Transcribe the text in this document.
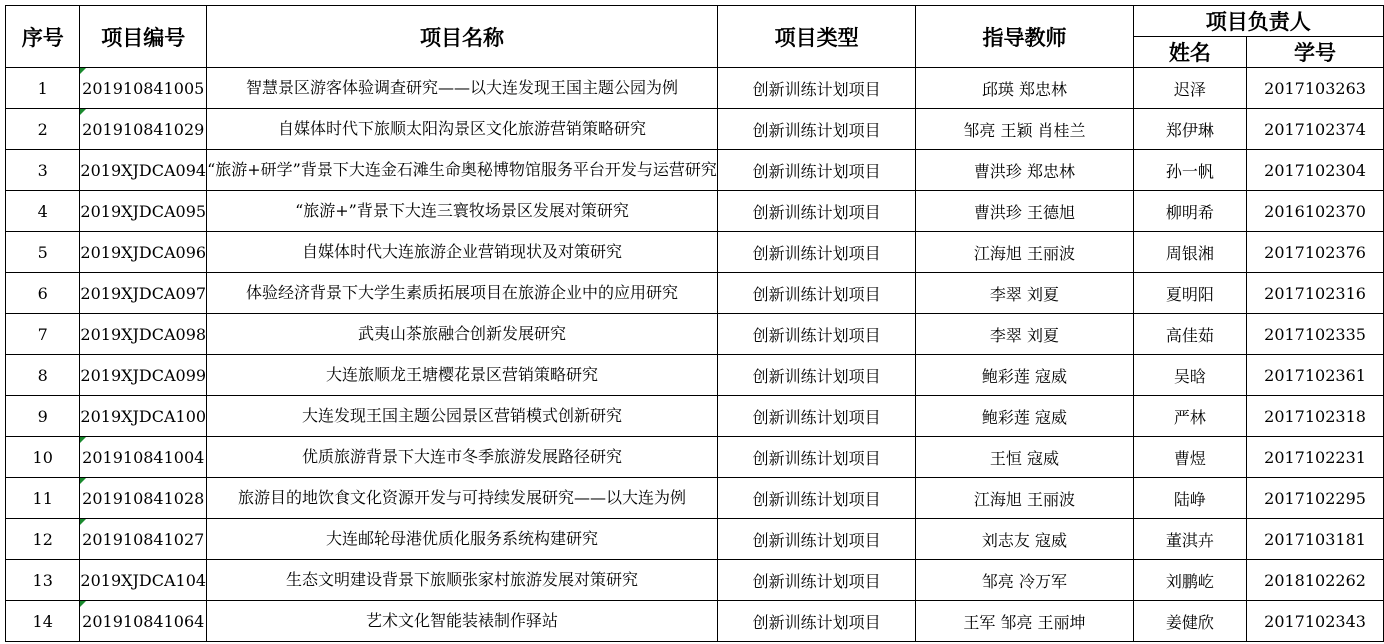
序号	项目编号	项目名称	项目类型	指导教师	项目负责人	
					姓名	学号
1	201910841005	智慧景区游客体验调查研究——以大连发现王国主题公园为例	创新训练计划项目	邱瑛 郑忠林	迟泽	2017103263
2	201910841029	自媒体时代下旅顺太阳沟景区文化旅游营销策略研究	创新训练计划项目	邹亮 王颖 肖桂兰	郑伊琳	2017102374
3	2019XJDCA094	“旅游+研学”背景下大连金石滩生命奥秘博物馆服务平台开发与运营研究	创新训练计划项目	曹洪珍 郑忠林	孙一帆	2017102304
4	2019XJDCA095	“旅游+”背景下大连三寰牧场景区发展对策研究	创新训练计划项目	曹洪珍 王德旭	柳明希	2016102370
5	2019XJDCA096	自媒体时代大连旅游企业营销现状及对策研究	创新训练计划项目	江海旭 王丽波	周银湘	2017102376
6	2019XJDCA097	体验经济背景下大学生素质拓展项目在旅游企业中的应用研究	创新训练计划项目	李翠 刘夏	夏明阳	2017102316
7	2019XJDCA098	武夷山茶旅融合创新发展研究	创新训练计划项目	李翠 刘夏	高佳茹	2017102335
8	2019XJDCA099	大连旅顺龙王塘樱花景区营销策略研究	创新训练计划项目	鲍彩莲 寇威	吴晗	2017102361
9	2019XJDCA100	大连发现王国主题公园景区营销模式创新研究	创新训练计划项目	鲍彩莲 寇威	严林	2017102318
10	201910841004	优质旅游背景下大连市冬季旅游发展路径研究	创新训练计划项目	王恒 寇威	曹煜	2017102231
11	201910841028	旅游目的地饮食文化资源开发与可持续发展研究——以大连为例	创新训练计划项目	江海旭 王丽波	陆峥	2017102295
12	201910841027	大连邮轮母港优质化服务系统构建研究	创新训练计划项目	刘志友 寇威	董淇卉	2017103181
13	2019XJDCA104	生态文明建设背景下旅顺张家村旅游发展对策研究	创新训练计划项目	邹亮 冷万军	刘鹏屹	2018102262
14	201910841064	艺术文化智能装裱制作驿站	创新训练计划项目	王军 邹亮 王丽坤	姜健欣	2017102343
